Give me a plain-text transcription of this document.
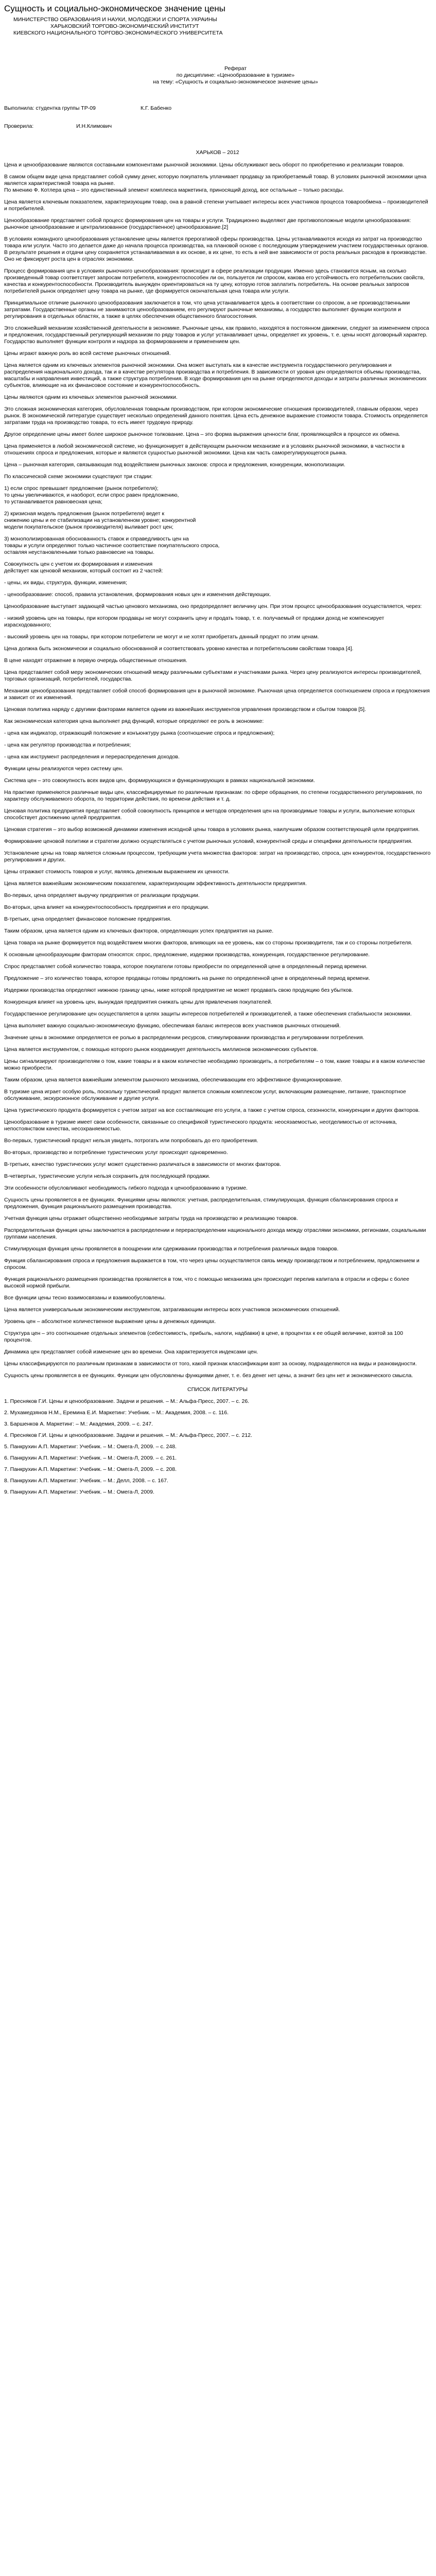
Сущность и социально-экономическое значение цены

МИНИСТЕРСТВО ОБРАЗОВАНИЯ И НАУКИ, МОЛОДЕЖИ И СПОРТА УКРАИНЫ

ХАРЬКОВСКИЙ ТОРГОВО-ЭКОНОМИЧЕСКИЙ ИНСТИТУТ

КИЕВСКОГО НАЦИОНАЛЬНОГО ТОРГОВО-ЭКОНОМИЧЕСКОГО УНИВЕРСИТЕТА

Реферат

по дисциплине: «Ценообразование в туризме»

на тему: «Сущность и социально-экономическое значение цены»

Выполнила: студентка группы ТР-09	К.Г. Бабенко
Проверила:	И.Н.Климович

ХАРЬКОВ – 2012

Цена и ценообразование являются составными компонентами рыночной экономики. Цены обслуживают весь оборот по приобретению и реализации товаров.

В самом общем виде цена представляет собой сумму денег, которую покупатель уплачивает продавцу за приобретаемый товар. В условиях рыночной экономики цена является характеристикой товара на рынке.
По мнению Ф. Котлера цена – это единственный элемент комплекса маркетинга, приносящий доход, все остальные – только расходы.

Цена является ключевым показателем, характеризующим товар, она в равной степени учитывает интересы всех участников процесса товарообмена – производителей и потребителей.

Ценообразование представляет собой процесс формирования цен на товары и услуги. Традиционно выделяют две противоположные модели ценообразования: рыночное ценообразование и централизованное (государственное) ценообразование.[2]

В условиях командного ценообразования установление цены является прерогативой сферы производства. Цены устанавливаются исходя из затрат на производство товара или услуги. Часто это делается даже до начала процесса производства, на плановой основе с последующим утверждением участием государственных органов. В результате решения и отдачи цену сохраняется устанавливаемая в их основе, в их цене, то есть в ней вне зависимости от роста реальных расходов в производстве. Оно не фиксирует роста цен в отраслях экономики.

Процесс формирования цен в условиях рыночного ценообразования: происходит в сфере реализации продукции. Именно здесь становится ясным, на сколько произведенный товар соответствует запросам потребителя, конкурентоспособен ли он, пользуется ли спросом, какова его устойчивость его потребительских свойств, качества и конкурентоспособности. Производитель вынужден ориентироваться на ту цену, которую готов заплатить потребитель. На основе реальных запросов потребителей рынок определяет цену товара на рынке, где формируется окончательная цена товара или услуги.

Принципиальное отличие рыночного ценообразования заключается в том, что цена устанавливается здесь в соответствии со спросом, а не производственными затратами. Государственные органы не занимаются ценообразованием, его регулируют рыночные механизмы, а государство выполняет функции контроля и регулирования в отдельных областях, а также в целях обеспечения общественного благосостояния.

Это сложнейший механизм хозяйственной деятельности в экономике. Рыночные цены, как правило, находятся в постоянном движении, следуют за изменением спроса и предложения, государственный регулирующий механизм по ряду товаров и услуг устанавливает цены, определяет их уровень, т. е. цены носят договорный характер. Государство выполняет функции контроля и надзора за формированием и применением цен.

Цены играют важную роль во всей системе рыночных отношений.

Цена является одним из ключевых элементов рыночной экономики. Она может выступать как в качестве инструмента государственного регулирования и распределения национального дохода, так и в качестве регулятора производства и потребления. В зависимости от уровня цен определяются объемы производства, масштабы и направления инвестиций, а также структура потребления. В ходе формирования цен на рынке определяются доходы и затраты различных экономических субъектов, влияющие на их финансовое состояние и конкурентоспособность.

Цены являются одним из ключевых элементов рыночной экономики.

Это сложная экономическая категория, обусловленная товарным производством, при котором экономические отношения производителей, главным образом, через рынок. В экономической литературе существует несколько определений данного понятия. Цена есть денежное выражение стоимости товара. Стоимость определяется затратами труда на производство товара, то есть имеет трудовую природу.

Другое определение цены имеет более широкое рыночное толкование. Цена – это форма выражения ценности благ, проявляющейся в процессе их обмена.

Цена применяется в любой экономической системе, но функционирует в действующем рыночном механизме и в условиях рыночной экономики, в частности в отношениях спроса и предложения, которые и являются сущностью рыночной экономики. Цена как часть саморегулирующегося рынка.

Цена – рыночная категория, связывающая под воздействием рыночных законов: спроса и предложения, конкуренции, монополизации.

По классической схеме экономики существуют три стадии:

1) если спрос превышает предложение (рынок потребителя);
то цены увеличиваются, и наоборот, если спрос равен предложению,
то устанавливается равновесная цена;

2) кризисная модель предложения (рынок потребителя) ведет к
снижению цены и ее стабилизации на установленном уровне; конкурентной
модели покупательское (рынок производителя) выливает рост цен;

3) монополизированная обоснованность ставок и справедливость цен на
товары и услуги определяют только частичное соответствие покупательского спроса,
оставляя неустановленными только равновесие на товары.

Совокупность цен с учетом их формирования и изменения
действует как ценовой механизм, который состоит из 2 частей:

- цены, их виды, структура, функции, изменения;

- ценообразование: способ, правила установления, формирования новых цен и изменения действующих.

Ценообразование выступает задающей частью ценового механизма, оно предопределяет величину цен. При этом процесс ценообразования осуществляется, через:

- низкий уровень цен на товары, при котором продавцы не могут сохранить цену и продать товар, т. е. получаемый от продажи доход не компенсирует израсходованного;

- высокий уровень цен на товары, при котором потребители не могут и не хотят приобретать данный продукт по этим ценам.

Цена должна быть экономически и социально обоснованной и соответствовать уровню качества и потребительским свойствам товара [4].

В цене находят отражение в первую очередь общественные отношения.

Цена представляет собой меру экономических отношений между различными субъектами и участниками рынка. Через цену реализуются интересы производителей, торговых организаций, потребителей, государства.

Механизм ценообразования представляет собой способ формирования цен в рыночной экономике. Рыночная цена определяется соотношением спроса и предложения и зависит от их изменений.

Ценовая политика наряду с другими факторами является одним из важнейших инструментов управления производством и сбытом товаров [5].

Как экономическая категория цена выполняет ряд функций, которые определяют ее роль в экономике:

- цена как индикатор, отражающий положение и конъюнктуру рынка (соотношение спроса и предложения);

- цена как регулятор производства и потребления;

- цена как инструмент распределения и перераспределения доходов.

Функции цены реализуются через систему цен.

Система цен – это совокупность всех видов цен, формирующихся и функционирующих в рамках национальной экономики.

На практике применяются различные виды цен, классифицируемые по различным признакам: по сфере обращения, по степени государственного регулирования, по характеру обслуживаемого оборота, по территории действия, по времени действия и т. д.

Ценовая политика предприятия представляет собой совокупность принципов и методов определения цен на производимые товары и услуги, выполнение которых способствует достижению целей предприятия.

Ценовая стратегия – это выбор возможной динамики изменения исходной цены товара в условиях рынка, наилучшим образом соответствующей цели предприятия.

Формирование ценовой политики и стратегии должно осуществляться с учетом рыночных условий, конкурентной среды и специфики деятельности предприятия.

Установление цены на товар является сложным процессом, требующим учета множества факторов: затрат на производство, спроса, цен конкурентов, государственного регулирования и других.

Цены отражают стоимость товаров и услуг, являясь денежным выражением их ценности.

Цена является важнейшим экономическим показателем, характеризующим эффективность деятельности предприятия.

Во-первых, цена определяет выручку предприятия от реализации продукции.

Во-вторых, цена влияет на конкурентоспособность предприятия и его продукции.

В-третьих, цена определяет финансовое положение предприятия.

Таким образом, цена является одним из ключевых факторов, определяющих успех предприятия на рынке.

Цена товара на рынке формируется под воздействием многих факторов, влияющих на ее уровень, как со стороны производителя, так и со стороны потребителя.

К основным ценообразующим факторам относятся: спрос, предложение, издержки производства, конкуренция, государственное регулирование.

Спрос представляет собой количество товара, которое покупатели готовы приобрести по определенной цене в определенный период времени.

Предложение – это количество товара, которое продавцы готовы предложить на рынке по определенной цене в определенный период времени.

Издержки производства определяют нижнюю границу цены, ниже которой предприятие не может продавать свою продукцию без убытков.

Конкуренция влияет на уровень цен, вынуждая предприятия снижать цены для привлечения покупателей.

Государственное регулирование цен осуществляется в целях защиты интересов потребителей и производителей, а также обеспечения стабильности экономики.

Цена выполняет важную социально-экономическую функцию, обеспечивая баланс интересов всех участников рыночных отношений.

Значение цены в экономике определяется ее ролью в распределении ресурсов, стимулировании производства и регулировании потребления.

Цена является инструментом, с помощью которого рынок координирует деятельность миллионов экономических субъектов.

Цены сигнализируют производителям о том, какие товары и в каком количестве необходимо производить, а потребителям – о том, какие товары и в каком количестве можно приобрести.

Таким образом, цена является важнейшим элементом рыночного механизма, обеспечивающим его эффективное функционирование.

В туризме цена играет особую роль, поскольку туристический продукт является сложным комплексом услуг, включающим размещение, питание, транспортное обслуживание, экскурсионное обслуживание и другие услуги.

Цена туристического продукта формируется с учетом затрат на все составляющие его услуги, а также с учетом спроса, сезонности, конкуренции и других факторов.

Ценообразование в туризме имеет свои особенности, связанные со спецификой туристического продукта: неосязаемостью, неотделимостью от источника, непостоянством качества, несохраняемостью.

Во-первых, туристический продукт нельзя увидеть, потрогать или попробовать до его приобретения.

Во-вторых, производство и потребление туристических услуг происходят одновременно.

В-третьих, качество туристических услуг может существенно различаться в зависимости от многих факторов.

В-четвертых, туристические услуги нельзя сохранить для последующей продажи.

Эти особенности обусловливают необходимость гибкого подхода к ценообразованию в туризме.

Сущность цены проявляется в ее функциях. Функциями цены являются: учетная, распределительная, стимулирующая, функция сбалансирования спроса и предложения, функция рационального размещения производства.

Учетная функция цены отражает общественно необходимые затраты труда на производство и реализацию товаров.

Распределительная функция цены заключается в распределении и перераспределении национального дохода между отраслями экономики, регионами, социальными группами населения.

Стимулирующая функция цены проявляется в поощрении или сдерживании производства и потребления различных видов товаров.

Функция сбалансирования спроса и предложения выражается в том, что через цены осуществляется связь между производством и потреблением, предложением и спросом.

Функция рационального размещения производства проявляется в том, что с помощью механизма цен происходит перелив капитала в отрасли и сферы с более высокой нормой прибыли.

Все функции цены тесно взаимосвязаны и взаимообусловлены.

Цена является универсальным экономическим инструментом, затрагивающим интересы всех участников экономических отношений.

Уровень цен – абсолютное количественное выражение цены в денежных единицах.

Структура цен – это соотношение отдельных элементов (себестоимость, прибыль, налоги, надбавки) в цене, в процентах к ее общей величине, взятой за 100 процентов.

Динамика цен представляет собой изменение цен во времени. Она характеризуется индексами цен.

Цены классифицируются по различным признакам в зависимости от того, какой признак классификации взят за основу, подразделяются на виды и разновидности.

Сущность цены проявляется в ее функциях. Функции цен обусловлены функциями денег, т. е. без денег нет цены, а значит без цен нет и экономического смысла.

СПИСОК ЛИТЕРАТУРЫ

1. Пресняков Г.И. Цены и ценообразование. Задачи и решения. – М.: Альфа-Пресс, 2007. – с. 26.

2. Мухамедзянов Н.М., Еремина Е.И. Маркетинг: Учебник. – М.: Академия, 2008. – с. 116.

3. Баршенков А. Маркетинг: – М.: Академия, 2009. – с. 247.

4. Пресняков Г.И. Цены и ценообразование. Задачи и решения. – М.: Альфа-Пресс, 2007. – с. 212.

5. Панкрухин А.П. Маркетинг: Учебник. – М.: Омега-Л, 2009. – с. 248.

6. Панкрухин А.П. Маркетинг: Учебник. – М.: Омега-Л, 2009. – с. 261.

7. Панкрухин А.П. Маркетинг: Учебник. – М.: Омега-Л, 2009. – с. 208.

8. Панкрухин А.П. Маркетинг: Учебник. – М.: Делл, 2008. – с. 167.

9. Панкрухин А.П. Маркетинг: Учебник. – М.: Омега-Л, 2009.
